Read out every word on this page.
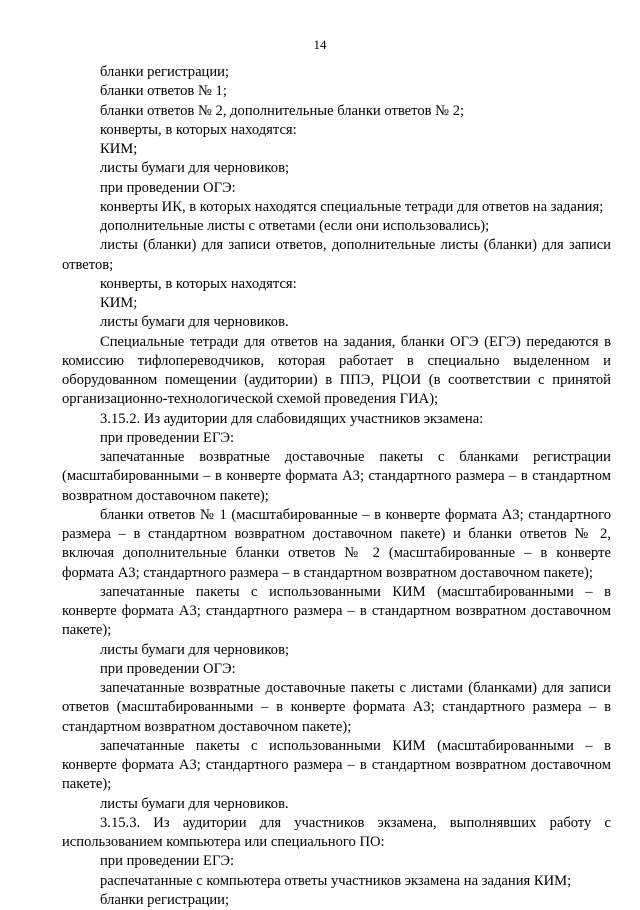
14

бланки регистрации;

бланки ответов № 1;

бланки ответов № 2, дополнительные бланки ответов № 2;

конверты, в которых находятся:

КИМ;

листы бумаги для черновиков;

при проведении ОГЭ:

конверты ИК, в которых находятся специальные тетради для ответов на задания;

дополнительные листы с ответами (если они использовались);

листы (бланки) для записи ответов, дополнительные листы (бланки) для записи ответов;

конверты, в которых находятся:

КИМ;

листы бумаги для черновиков.

Специальные тетради для ответов на задания, бланки ОГЭ (ЕГЭ) передаются в комиссию тифлопереводчиков, которая работает в специально выделенном и оборудованном помещении (аудитории) в ППЭ, РЦОИ (в соответствии с принятой организационно-технологической схемой проведения ГИА);

3.15.2. Из аудитории для слабовидящих участников экзамена:

при проведении ЕГЭ:

запечатанные возвратные доставочные пакеты с бланками регистрации (масштабированными – в конверте формата А3; стандартного размера – в стандартном возвратном доставочном пакете);

бланки ответов № 1 (масштабированные – в конверте формата А3; стандартного размера – в стандартном возвратном доставочном пакете) и бланки ответов № 2, включая дополнительные бланки ответов № 2 (масштабированные – в конверте формата А3; стандартного размера – в стандартном возвратном доставочном пакете);

запечатанные пакеты с использованными КИМ (масштабированными – в конверте формата А3; стандартного размера – в стандартном возвратном доставочном пакете);

листы бумаги для черновиков;

при проведении ОГЭ:

запечатанные возвратные доставочные пакеты с листами (бланками) для записи ответов (масштабированными – в конверте формата А3; стандартного размера – в стандартном возвратном доставочном пакете);

запечатанные пакеты с использованными КИМ (масштабированными – в конверте формата А3; стандартного размера – в стандартном возвратном доставочном пакете);

листы бумаги для черновиков.

3.15.3. Из аудитории для участников экзамена, выполнявших работу с использованием компьютера или специального ПО:

при проведении ЕГЭ:

распечатанные с компьютера ответы участников экзамена на задания КИМ;

бланки регистрации;
